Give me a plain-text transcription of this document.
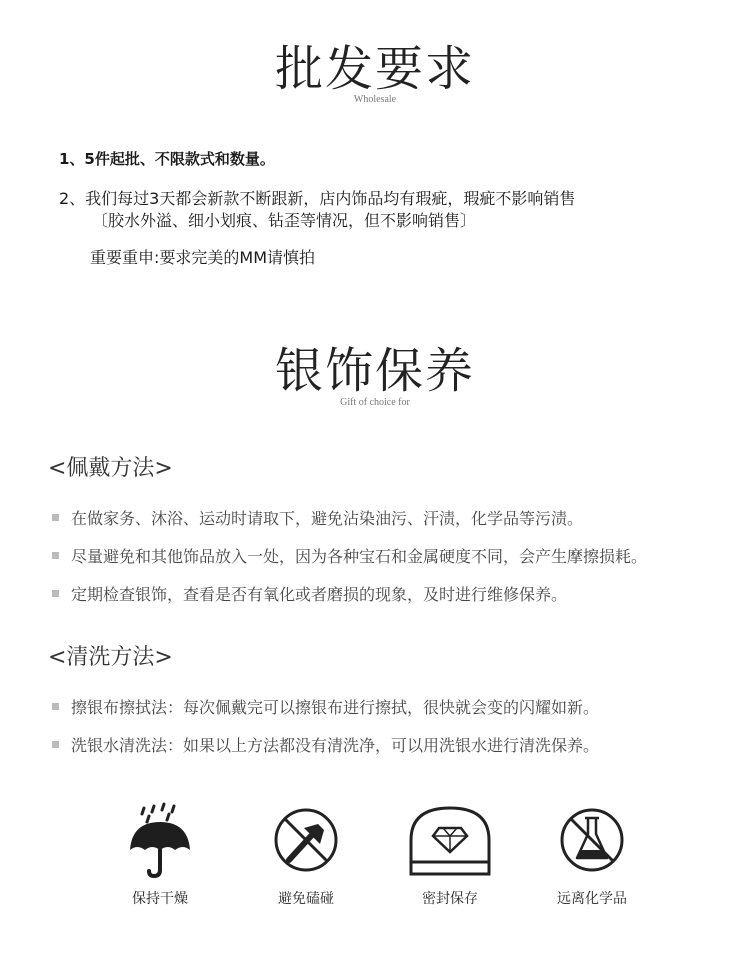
批发要求
Wholesale
1、5件起批、不限款式和数量。
2、我们每过3天都会新款不断跟新，店内饰品均有瑕疵，瑕疵不影响销售
〔胶水外溢、细小划痕、钻歪等情况，但不影响销售〕
重要重申:要求完美的MM请慎拍
银饰保养
Gift of choice for
<佩戴方法>
在做家务、沐浴、运动时请取下，避免沾染油污、汗渍，化学品等污渍。
尽量避免和其他饰品放入一处，因为各种宝石和金属硬度不同，会产生摩擦损耗。
定期检查银饰，查看是否有氧化或者磨损的现象，及时进行维修保养。
<清洗方法>
擦银布擦拭法：每次佩戴完可以擦银布进行擦拭，很快就会变的闪耀如新。
洗银水清洗法：如果以上方法都没有清洗净，可以用洗银水进行清洗保养。
保持干燥	避免磕碰	密封保存	远离化学品
